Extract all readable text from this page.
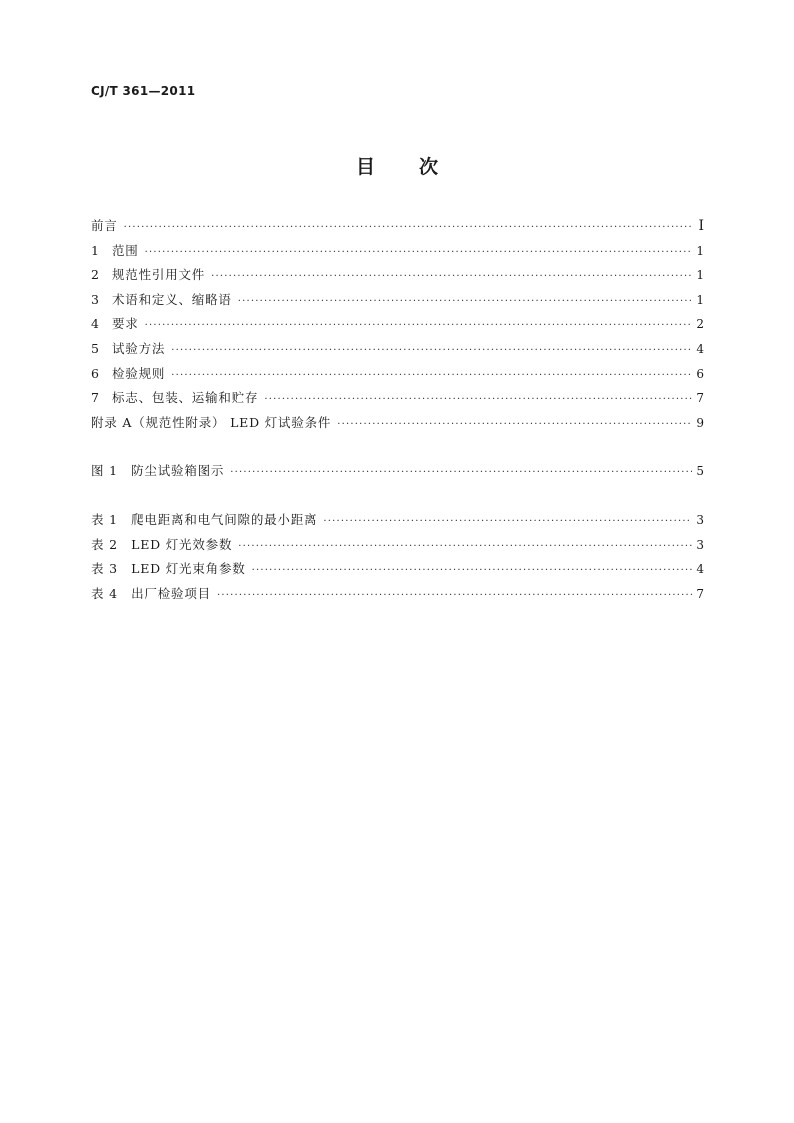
CJ/T 361—2011
目 次
前言 ·····	I
1	范围 ·····	1
2	规范性引用文件 ·····	1
3	术语和定义、缩略语 ·····	1
4	要求 ·····	2
5	试验方法 ·····	4
6	检验规则 ·····	6
7	标志、包装、运输和贮存 ·····	7
附录 A（规范性附录） LED 灯试验条件 ·····	9
图 1　防尘试验箱图示 ·····	5
表 1　爬电距离和电气间隙的最小距离 ·····	3
表 2　LED 灯光效参数 ·····	3
表 3　LED 灯光束角参数 ·····	4
表 4　出厂检验项目 ·····	7
